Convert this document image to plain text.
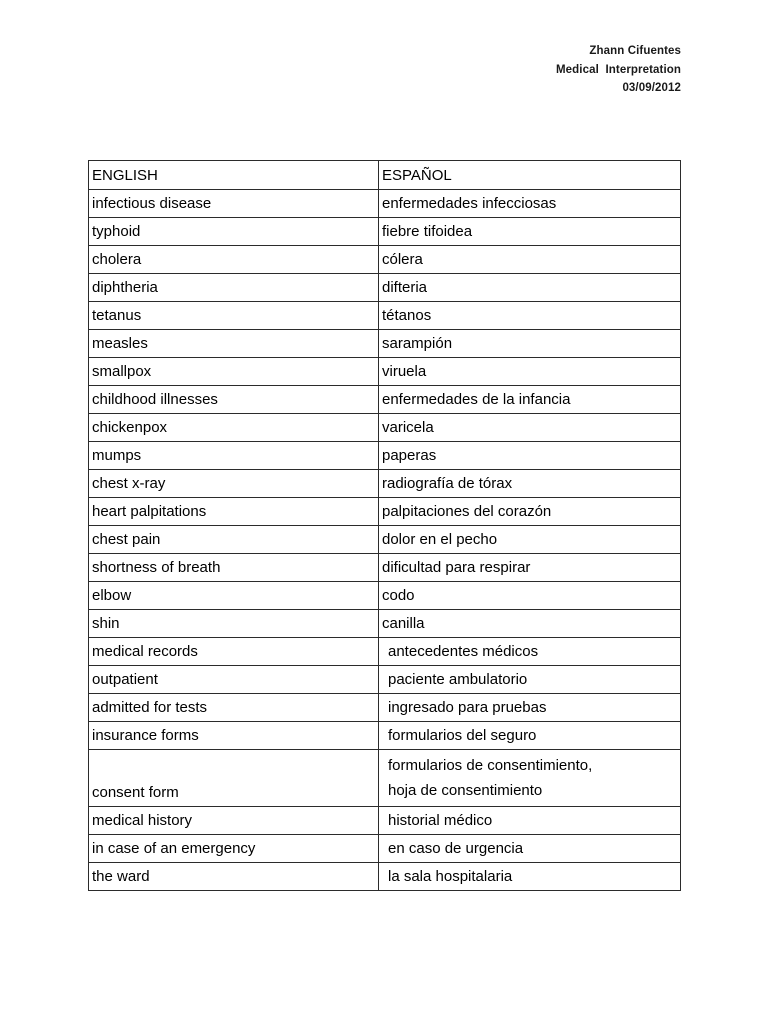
Zhann Cifuentes
Medical  Interpretation
03/09/2012
ENGLISH	ESPAÑOL
infectious disease	enfermedades infecciosas
typhoid	fiebre tifoidea
cholera	cólera
diphtheria	difteria
tetanus	tétanos
measles	sarampión
smallpox	viruela
childhood illnesses	enfermedades de la infancia
chickenpox	varicela
mumps	paperas
chest x-ray	radiografía de tórax
heart palpitations	palpitaciones del corazón
chest pain	dolor en el pecho
shortness of breath	dificultad para respirar
elbow	codo
shin	canilla
medical records	antecedentes médicos
outpatient	paciente ambulatorio
admitted for tests	ingresado para pruebas
insurance forms	formularios del seguro
consent form	formularios de consentimiento,
hoja de consentimiento

medical history	historial médico
in case of an emergency	en caso de urgencia
the ward	la sala hospitalaria
